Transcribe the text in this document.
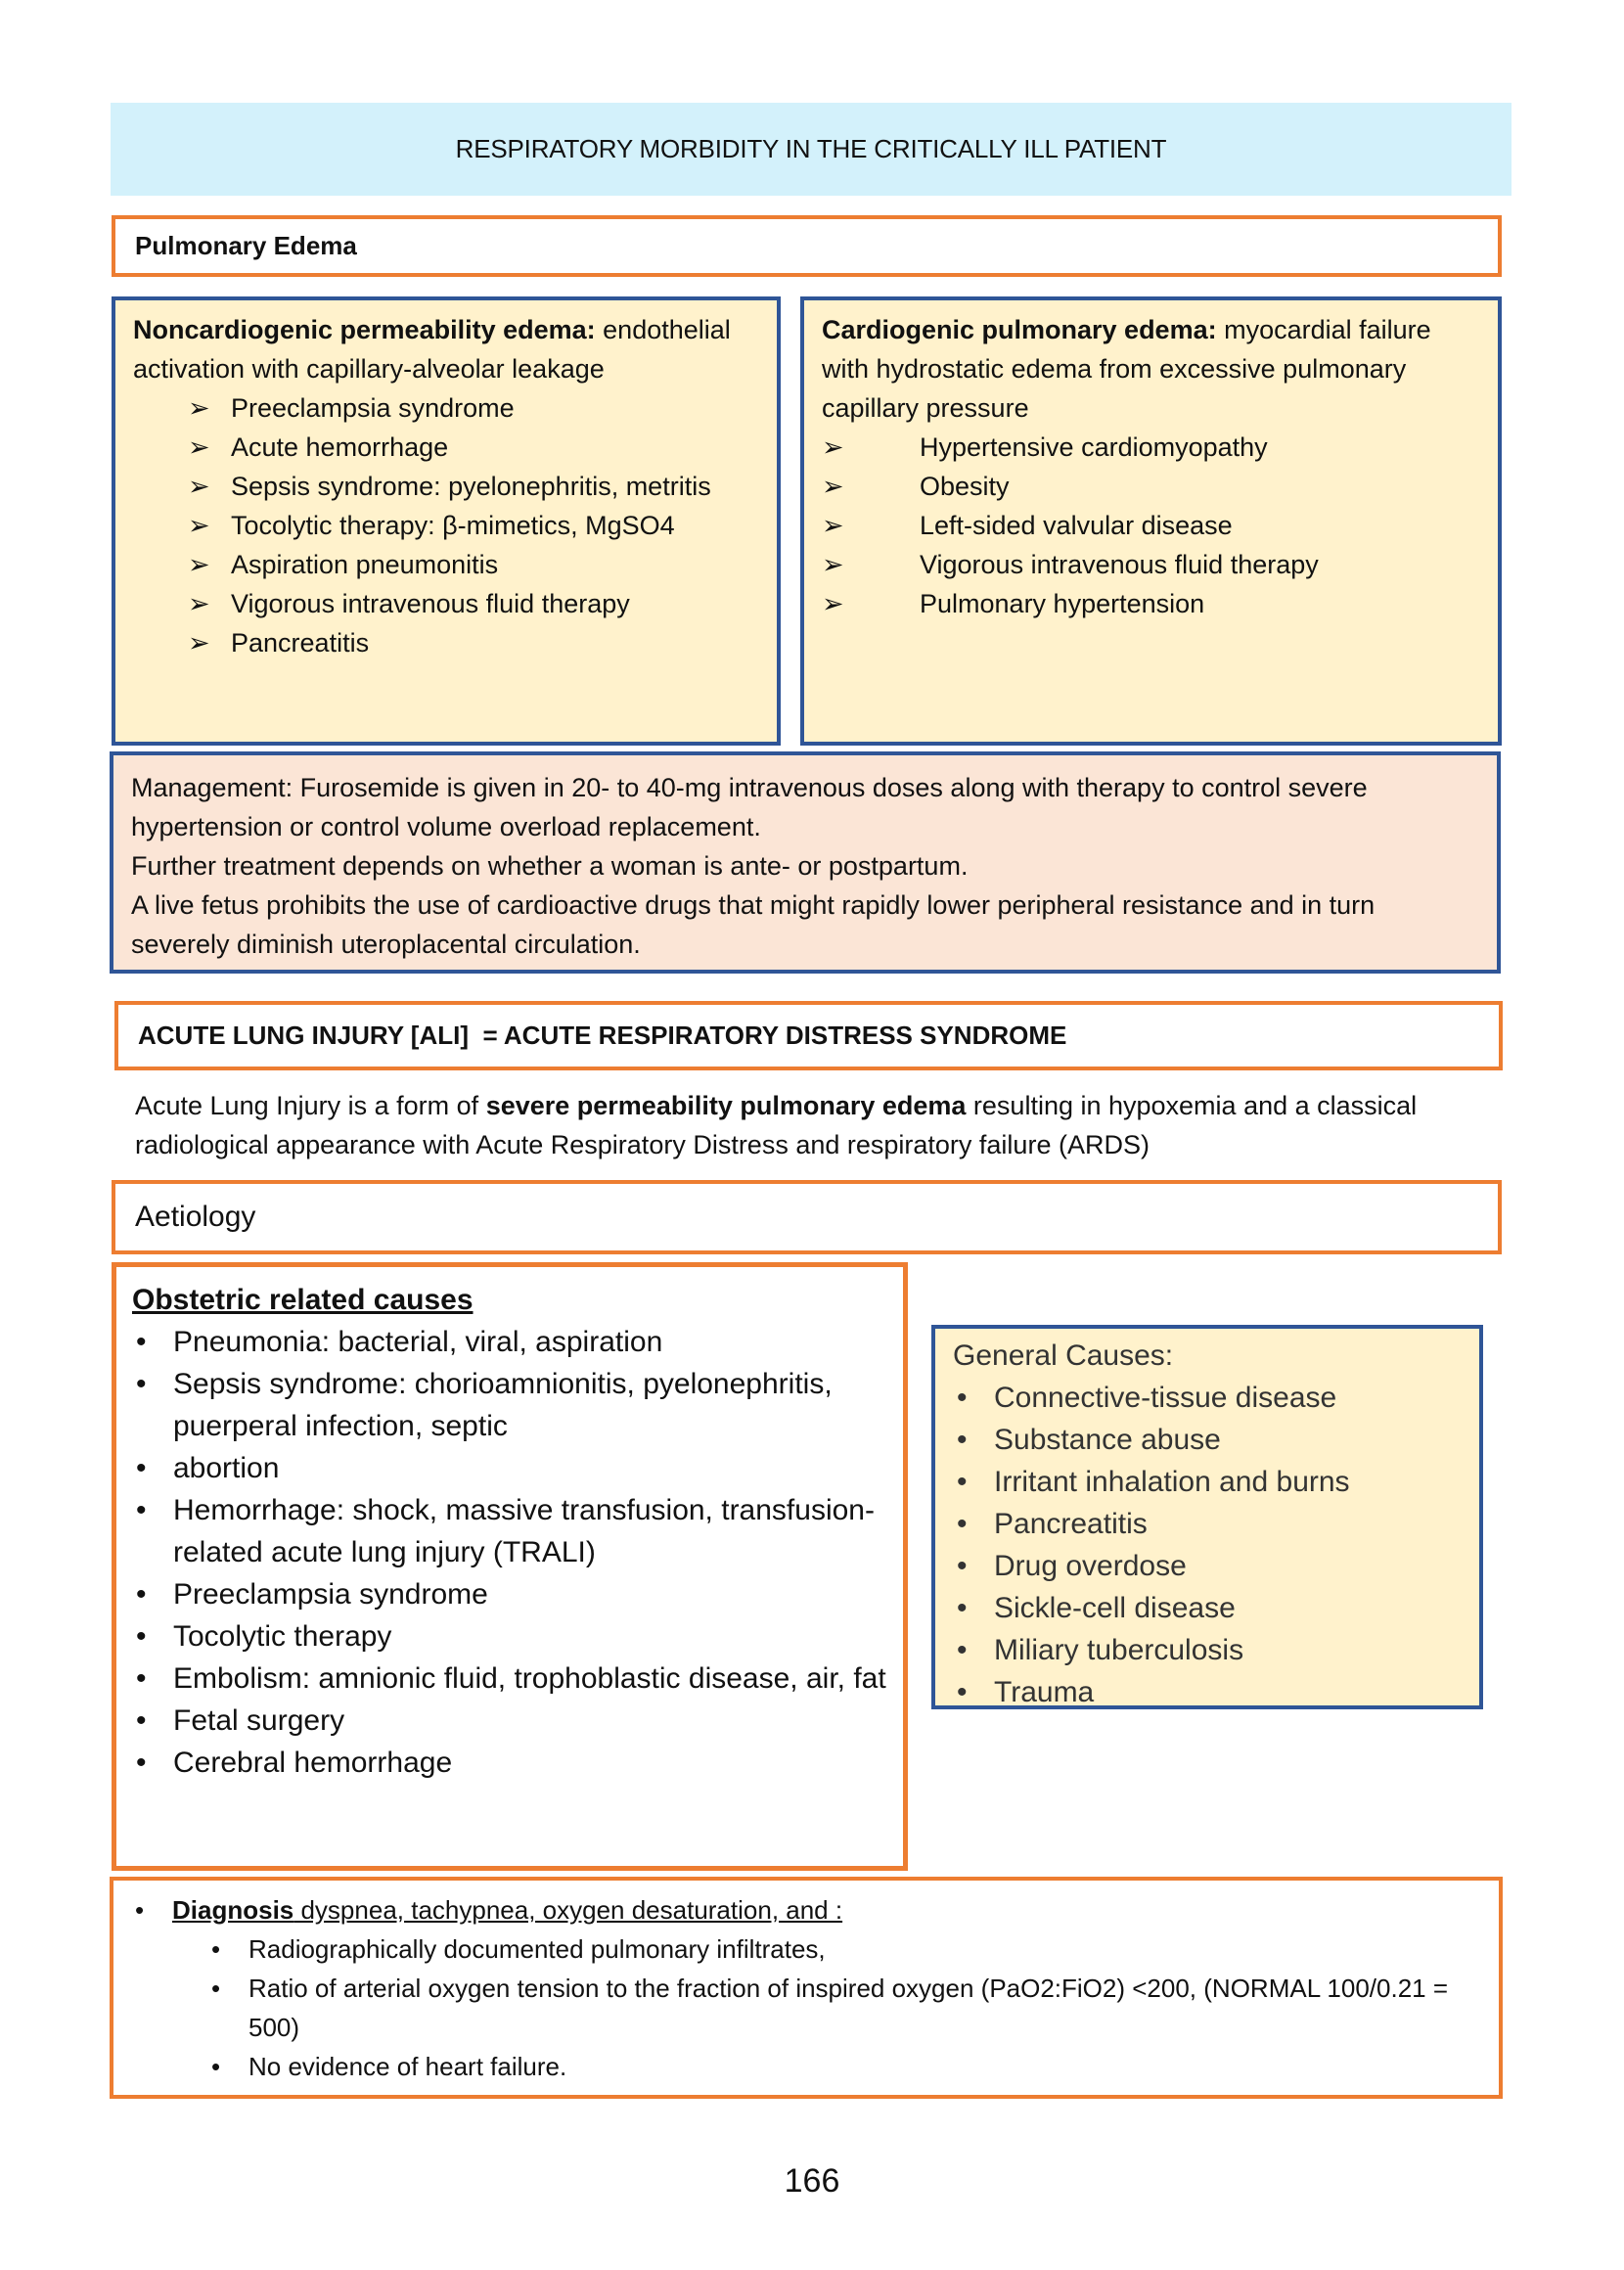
RESPIRATORY MORBIDITY IN THE CRITICALLY ILL PATIENT
Pulmonary Edema
Noncardiogenic permeability edema: endothelial activation with capillary-alveolar leakage
➢ Preeclampsia syndrome
➢ Acute hemorrhage
➢ Sepsis syndrome: pyelonephritis, metritis
➢ Tocolytic therapy: β-mimetics, MgSO4
➢ Aspiration pneumonitis
➢ Vigorous intravenous fluid therapy
➢ Pancreatitis
Cardiogenic pulmonary edema: myocardial failure with hydrostatic edema from excessive pulmonary capillary pressure
➢	Hypertensive cardiomyopathy
➢	Obesity
➢	Left-sided valvular disease
➢	Vigorous intravenous fluid therapy
➢	Pulmonary hypertension
Management: Furosemide is given in 20- to 40-mg intravenous doses along with therapy to control severe hypertension or control volume overload replacement.
Further treatment depends on whether a woman is ante- or postpartum.
A live fetus prohibits the use of cardioactive drugs that might rapidly lower peripheral resistance and in turn severely diminish uteroplacental circulation.
ACUTE LUNG INJURY [ALI]  = ACUTE RESPIRATORY DISTRESS SYNDROME
Acute Lung Injury is a form of severe permeability pulmonary edema resulting in hypoxemia and a classical radiological appearance with Acute Respiratory Distress and respiratory failure (ARDS)
Aetiology
Obstetric related causes
• Pneumonia: bacterial, viral, aspiration
• Sepsis syndrome: chorioamnionitis, pyelonephritis, puerperal infection, septic
• abortion
• Hemorrhage: shock, massive transfusion, transfusion-related acute lung injury (TRALI)
• Preeclampsia syndrome
• Tocolytic therapy
• Embolism: amnionic fluid, trophoblastic disease, air, fat
• Fetal surgery
• Cerebral hemorrhage
General Causes:
• Connective-tissue disease
• Substance abuse
• Irritant inhalation and burns
• Pancreatitis
• Drug overdose
• Sickle-cell disease
• Miliary tuberculosis
• Trauma
• Diagnosis dyspnea, tachypnea, oxygen desaturation, and :
• Radiographically documented pulmonary infiltrates,
• Ratio of arterial oxygen tension to the fraction of inspired oxygen (PaO2:FiO2) <200, (NORMAL 100/0.21 = 500)
• No evidence of heart failure.
166
